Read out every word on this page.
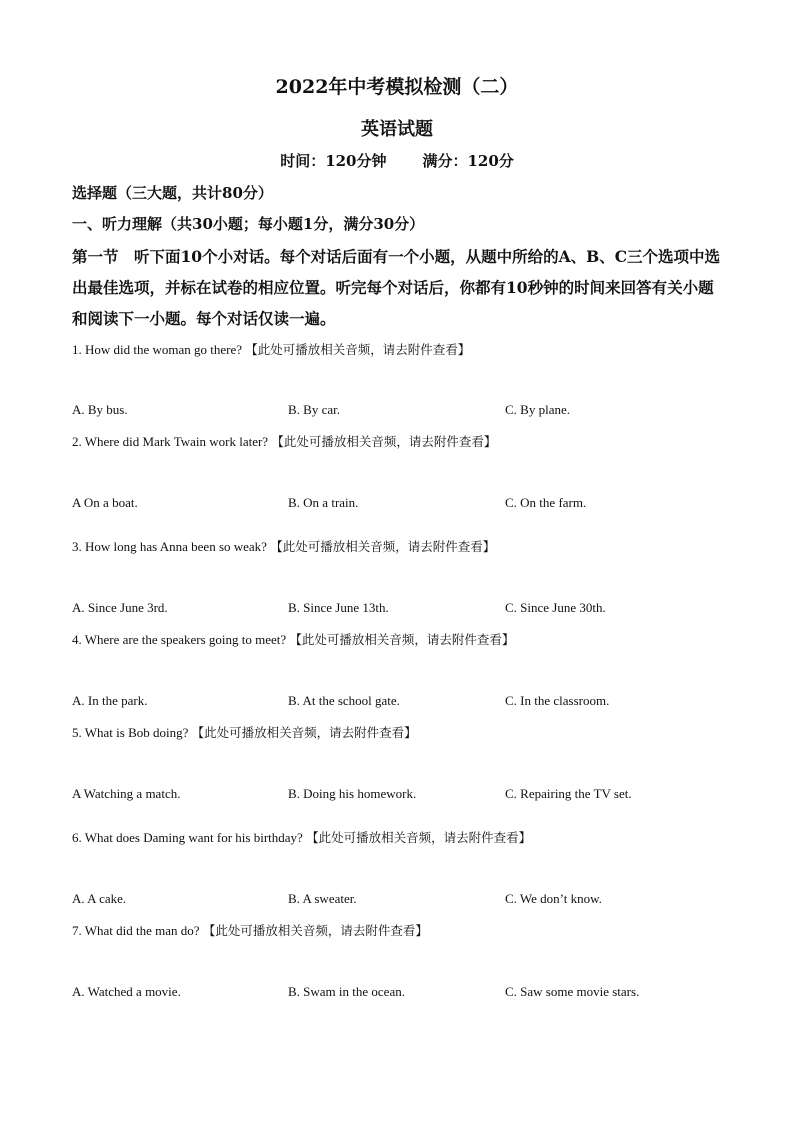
2022年中考模拟检测（二）
英语试题
时间：120分钟 满分：120分
选择题（三大题，共计80分）
一、听力理解（共30小题；每小题1分，满分30分）
第一节　听下面10个小对话。每个对话后面有一个小题，从题中所给的A、B、C三个选项中选出最佳选项，并标在试卷的相应位置。听完每个对话后，你都有10秒钟的时间来回答有关小题和阅读下一小题。每个对话仅读一遍。
1. How did the woman go there? 【此处可播放相关音频，请去附件查看】
A. By bus.	B. By car.	C. By plane.
2. Where did Mark Twain work later? 【此处可播放相关音频，请去附件查看】
A On a boat.	B. On a train.	C. On the farm.
3. How long has Anna been so weak? 【此处可播放相关音频，请去附件查看】
A. Since June 3rd.	B. Since June 13th.	C. Since June 30th.
4. Where are the speakers going to meet? 【此处可播放相关音频，请去附件查看】
A. In the park.	B. At the school gate.	C. In the classroom.
5. What is Bob doing? 【此处可播放相关音频，请去附件查看】
A Watching a match.	B. Doing his homework.	C. Repairing the TV set.
6. What does Daming want for his birthday? 【此处可播放相关音频，请去附件查看】
A. A cake.	B. A sweater.	C. We don’t know.
7. What did the man do? 【此处可播放相关音频，请去附件查看】
A. Watched a movie.	B. Swam in the ocean.	C. Saw some movie stars.
